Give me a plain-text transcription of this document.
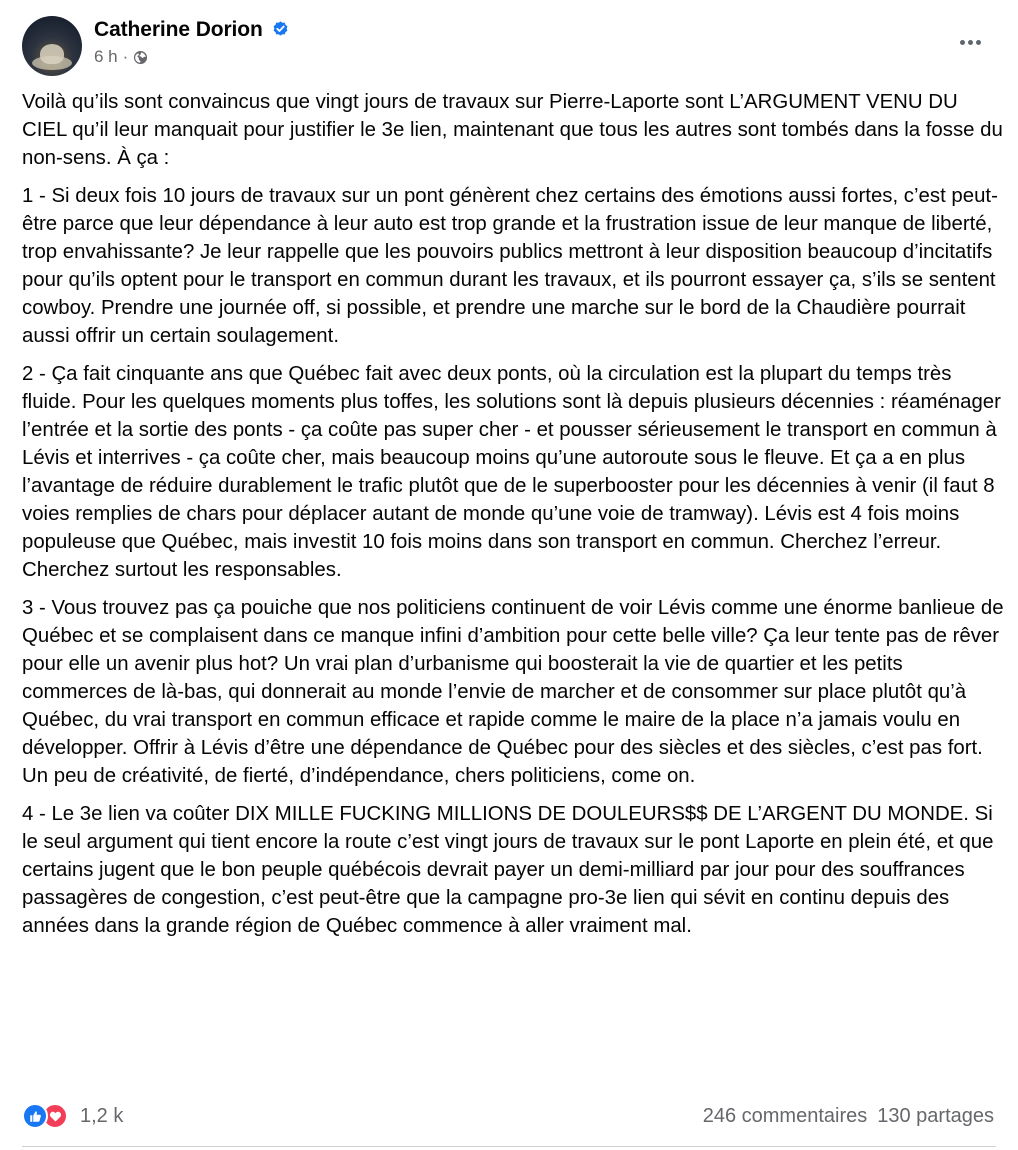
Catherine Dorion
6 h ·

Voilà qu’ils sont convaincus que vingt jours de travaux sur Pierre-Laporte sont L’ARGUMENT VENU DU CIEL qu’il leur manquait pour justifier le 3e lien, maintenant que tous les autres sont tombés dans la fosse du non-sens. À ça :

1 - Si deux fois 10 jours de travaux sur un pont génèrent chez certains des émotions aussi fortes, c’est peut-être parce que leur dépendance à leur auto est trop grande et la frustration issue de leur manque de liberté, trop envahissante? Je leur rappelle que les pouvoirs publics mettront à leur disposition beaucoup d’incitatifs pour qu’ils optent pour le transport en commun durant les travaux, et ils pourront essayer ça, s’ils se sentent cowboy. Prendre une journée off, si possible, et prendre une marche sur le bord de la Chaudière pourrait aussi offrir un certain soulagement.

2 - Ça fait cinquante ans que Québec fait avec deux ponts, où la circulation est la plupart du temps très fluide. Pour les quelques moments plus toffes, les solutions sont là depuis plusieurs décennies : réaménager l’entrée et la sortie des ponts - ça coûte pas super cher - et pousser sérieusement le transport en commun à Lévis et interrives - ça coûte cher, mais beaucoup moins qu’une autoroute sous le fleuve. Et ça a en plus l’avantage de réduire durablement le trafic plutôt que de le superbooster pour les décennies à venir (il faut 8 voies remplies de chars pour déplacer autant de monde qu’une voie de tramway). Lévis est 4 fois moins populeuse que Québec, mais investit 10 fois moins dans son transport en commun. Cherchez l’erreur. Cherchez surtout les responsables.

3 - Vous trouvez pas ça pouiche que nos politiciens continuent de voir Lévis comme une énorme banlieue de Québec et se complaisent dans ce manque infini d’ambition pour cette belle ville? Ça leur tente pas de rêver pour elle un avenir plus hot? Un vrai plan d’urbanisme qui boosterait la vie de quartier et les petits commerces de là-bas, qui donnerait au monde l’envie de marcher et de consommer sur place plutôt qu’à Québec, du vrai transport en commun efficace et rapide comme le maire de la place n’a jamais voulu en développer. Offrir à Lévis d’être une dépendance de Québec pour des siècles et des siècles, c’est pas fort. Un peu de créativité, de fierté, d’indépendance, chers politiciens, come on.

4 - Le 3e lien va coûter DIX MILLE FUCKING MILLIONS DE DOULEURS$$ DE L’ARGENT DU MONDE. Si le seul argument qui tient encore la route c’est vingt jours de travaux sur le pont Laporte en plein été, et que certains jugent que le bon peuple québécois devrait payer un demi-milliard par jour pour des souffrances passagères de congestion, c’est peut-être que la campagne pro-3e lien qui sévit en continu depuis des années dans la grande région de Québec commence à aller vraiment mal.

1,2 k	246 commentaires 130 partages
